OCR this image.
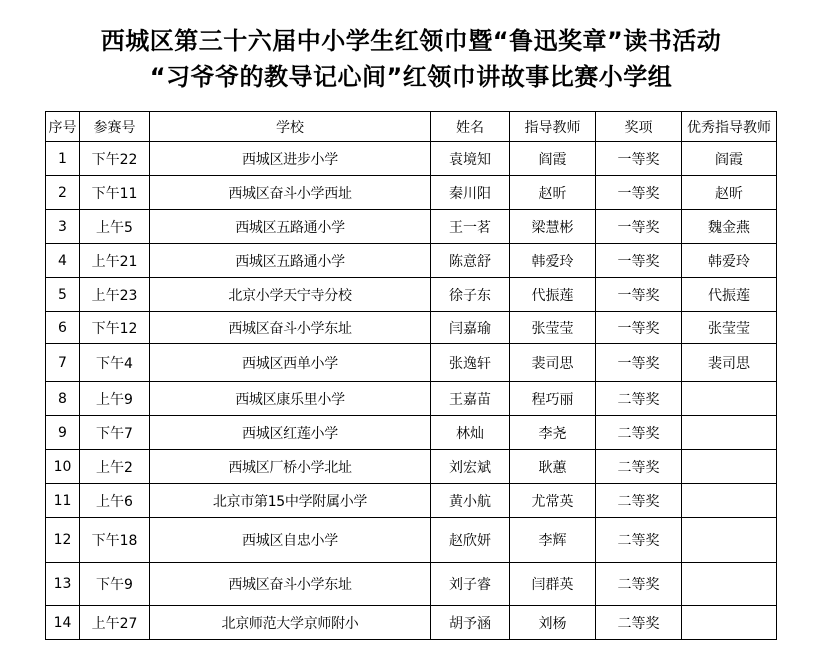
西城区第三十六届中小学生红领巾暨“鲁迅奖章”读书活动
“习爷爷的教导记心间”红领巾讲故事比赛小学组
序号	参赛号	学校	姓名	指导教师	奖项	优秀指导教师
1	下午22	西城区进步小学	袁境知	阎霞	一等奖	阎霞
2	下午11	西城区奋斗小学西址	秦川阳	赵昕	一等奖	赵昕
3	上午5	西城区五路通小学	王一茗	梁慧彬	一等奖	魏金燕
4	上午21	西城区五路通小学	陈意舒	韩爱玲	一等奖	韩爱玲
5	上午23	北京小学天宁寺分校	徐子东	代振莲	一等奖	代振莲
6	下午12	西城区奋斗小学东址	闫嘉瑜	张莹莹	一等奖	张莹莹
7	下午4	西城区西单小学	张逸轩	裴司思	一等奖	裴司思
8	上午9	西城区康乐里小学	王嘉苗	程巧丽	二等奖	
9	下午7	西城区红莲小学	林灿	李尧	二等奖	
10	上午2	西城区厂桥小学北址	刘宏斌	耿蕙	二等奖	
11	上午6	北京市第15中学附属小学	黄小航	尤常英	二等奖	
12	下午18	西城区自忠小学	赵欣妍	李辉	二等奖	
13	下午9	西城区奋斗小学东址	刘子睿	闫群英	二等奖	
14	上午27	北京师范大学京师附小	胡予涵	刘杨	二等奖	
